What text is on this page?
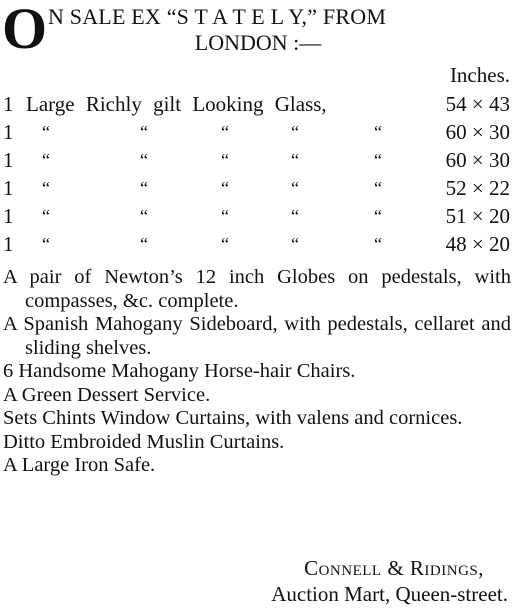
O N SALE EX “S T A T E L Y,” FROM
LONDON :—
Inches.
1 Large Richly gilt Looking Glass,	54 × 43
1	“	“	“	“	“	60 × 30
1	“	“	“	“	“	60 × 30
1	“	“	“	“	“	52 × 22
1	“	“	“	“	“	51 × 20
1	“	“	“	“	“	48 × 20

A pair of Newton’s 12 inch Globes on pedestals, with compasses, &c. complete.

A Spanish Mahogany Sideboard, with pedestals, cellaret and sliding shelves.

6 Handsome Mahogany Horse-hair Chairs.

A Green Dessert Service.

Sets Chints Window Curtains, with valens and cornices.

Ditto Embroided Muslin Curtains.

A Large Iron Safe.

Connell & Ridings,
Auction Mart, Queen-street.
